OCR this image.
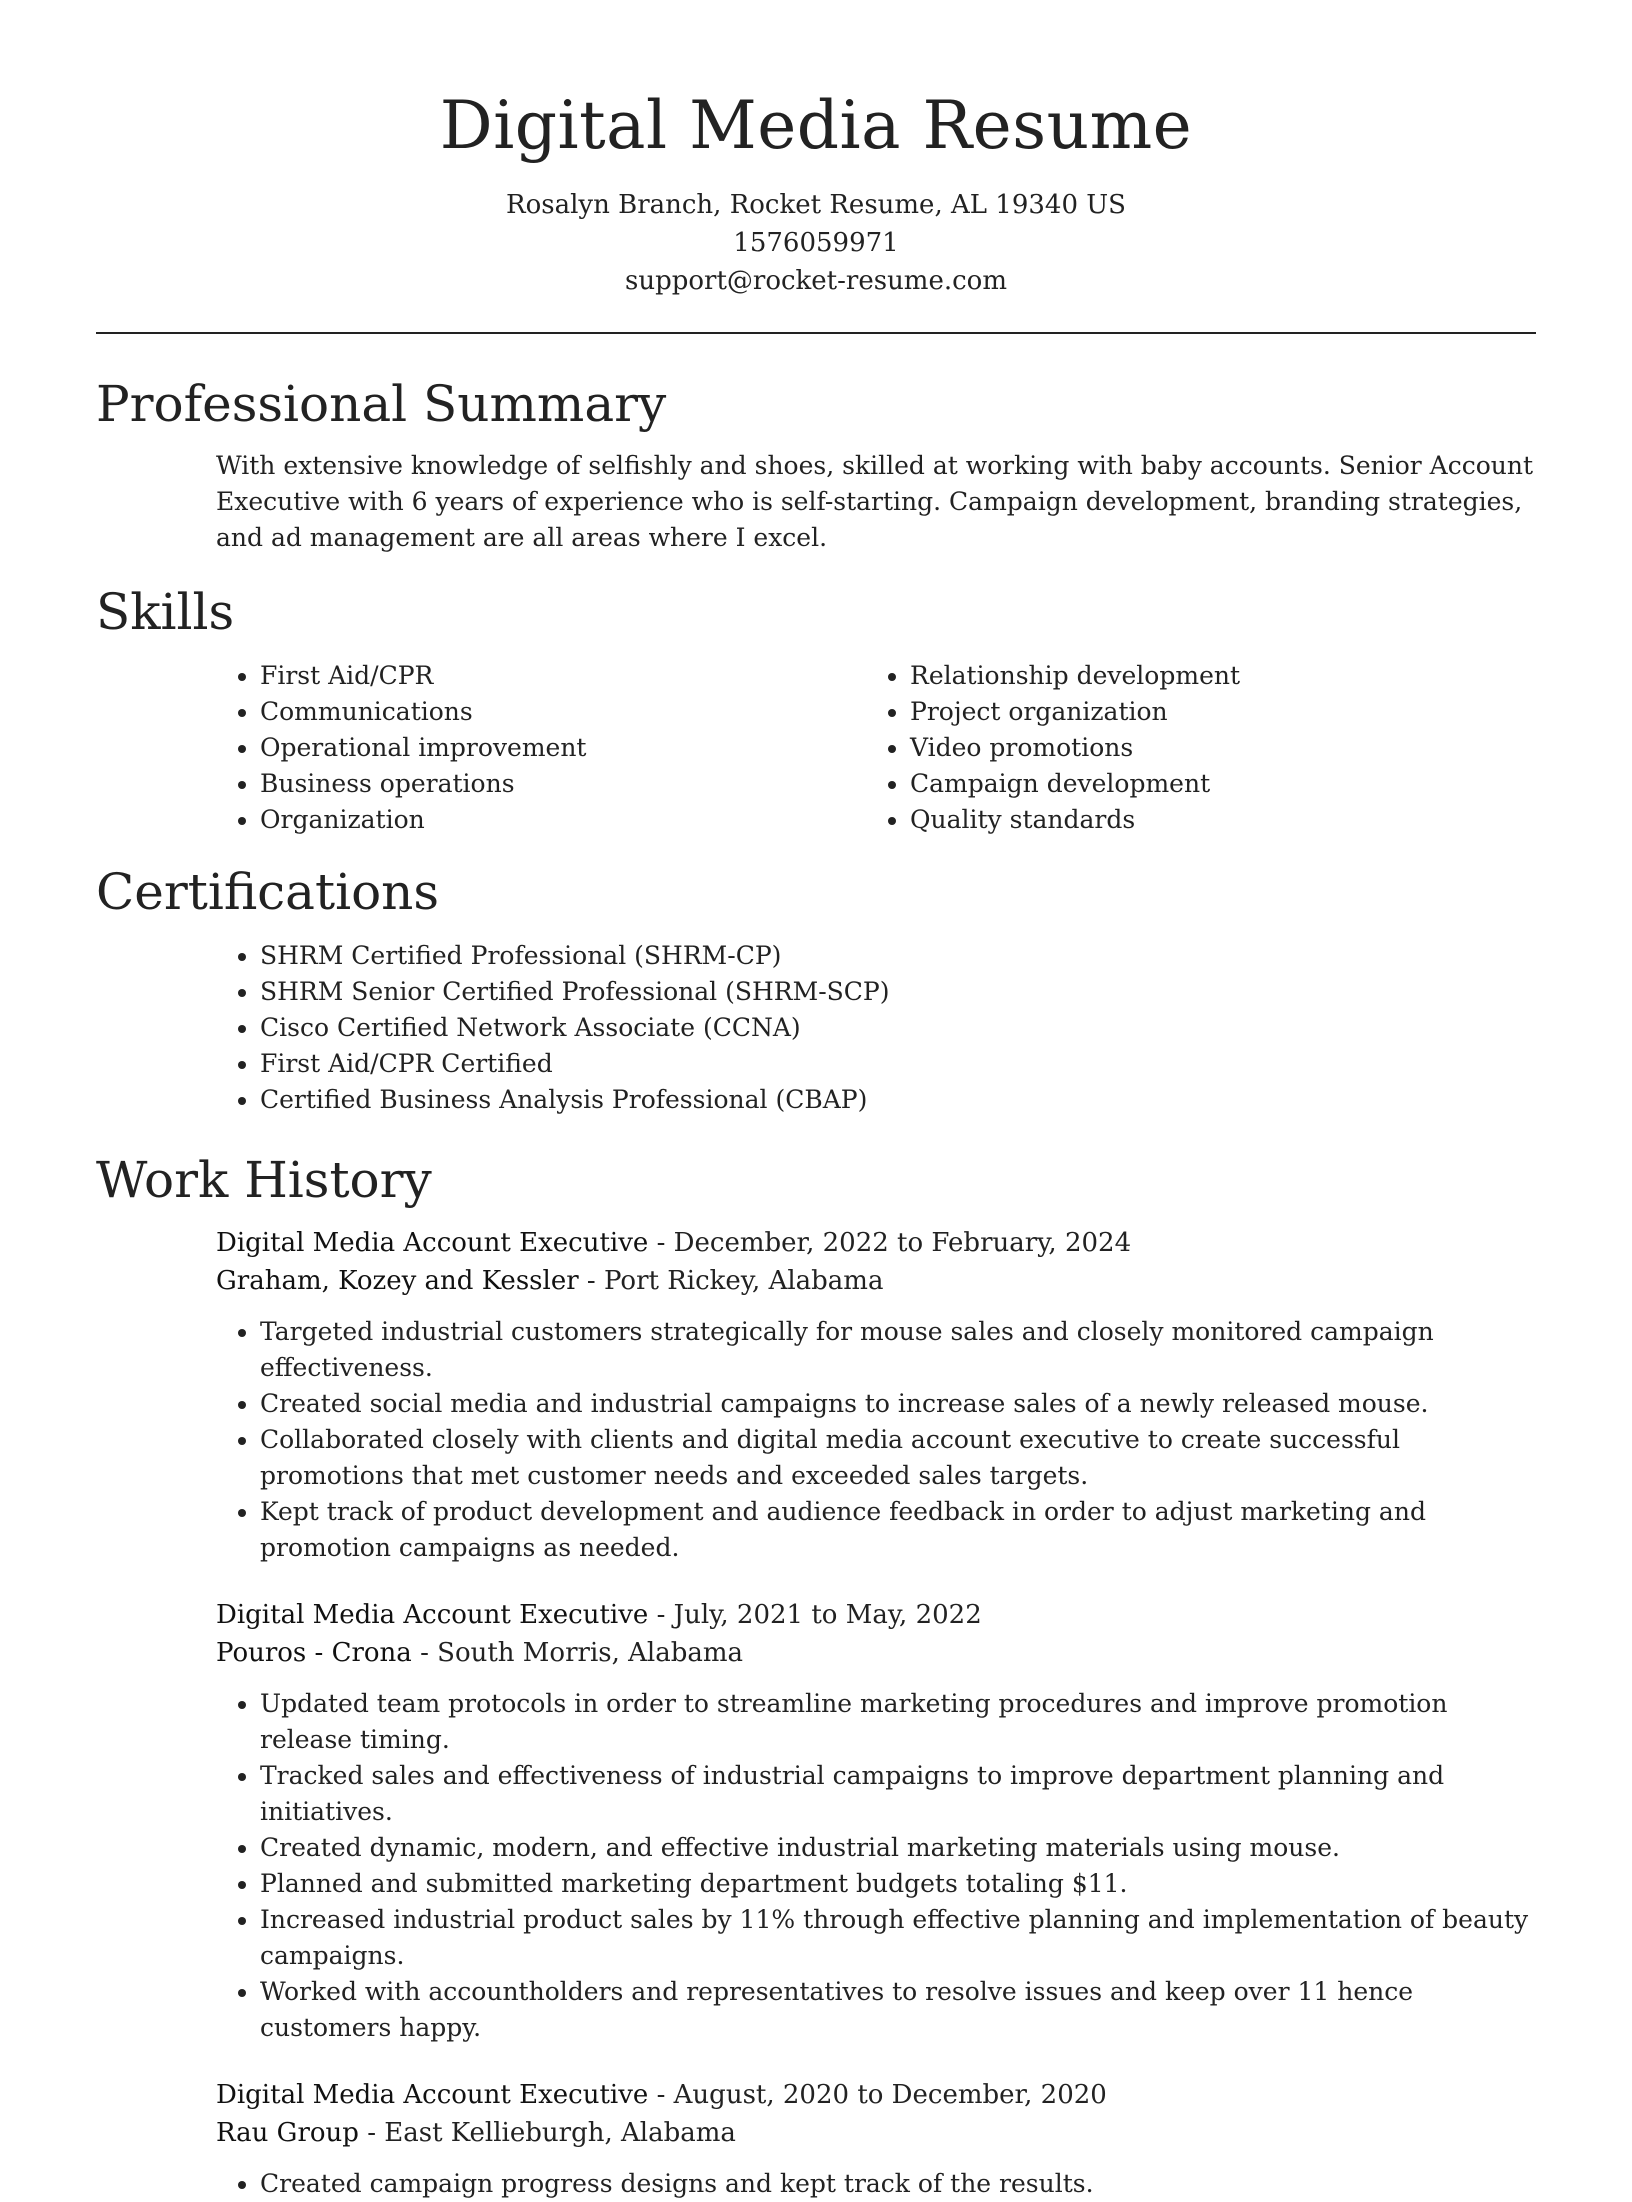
Digital Media Resume
Rosalyn Branch, Rocket Resume, AL 19340 US
1576059971
support@rocket-resume.com
Professional Summary

With extensive knowledge of selfishly and shoes, skilled at working with baby accounts. Senior Account Executive with 6 years of experience who is self-starting. Campaign development, branding strategies, and ad management are all areas where I excel.

Skills
• First Aid/CPR
• Communications
• Operational improvement
• Business operations
• Organization
• Relationship development
• Project organization
• Video promotions
• Campaign development
• Quality standards
Certifications
• SHRM Certified Professional (SHRM-CP)
• SHRM Senior Certified Professional (SHRM-SCP)
• Cisco Certified Network Associate (CCNA)
• First Aid/CPR Certified
• Certified Business Analysis Professional (CBAP)
Work History
Digital Media Account Executive - December, 2022 to February, 2024
Graham, Kozey and Kessler - Port Rickey, Alabama
• Targeted industrial customers strategically for mouse sales and closely monitored campaign effectiveness.
• Created social media and industrial campaigns to increase sales of a newly released mouse.
• Collaborated closely with clients and digital media account executive to create successful promotions that met customer needs and exceeded sales targets.
• Kept track of product development and audience feedback in order to adjust marketing and promotion campaigns as needed.
Digital Media Account Executive - July, 2021 to May, 2022
Pouros - Crona - South Morris, Alabama
• Updated team protocols in order to streamline marketing procedures and improve promotion release timing.
• Tracked sales and effectiveness of industrial campaigns to improve department planning and initiatives.
• Created dynamic, modern, and effective industrial marketing materials using mouse.
• Planned and submitted marketing department budgets totaling $11.
• Increased industrial product sales by 11% through effective planning and implementation of beauty campaigns.
• Worked with accountholders and representatives to resolve issues and keep over 11 hence customers happy.
Digital Media Account Executive - August, 2020 to December, 2020
Rau Group - East Kellieburgh, Alabama
• Created campaign progress designs and kept track of the results.
